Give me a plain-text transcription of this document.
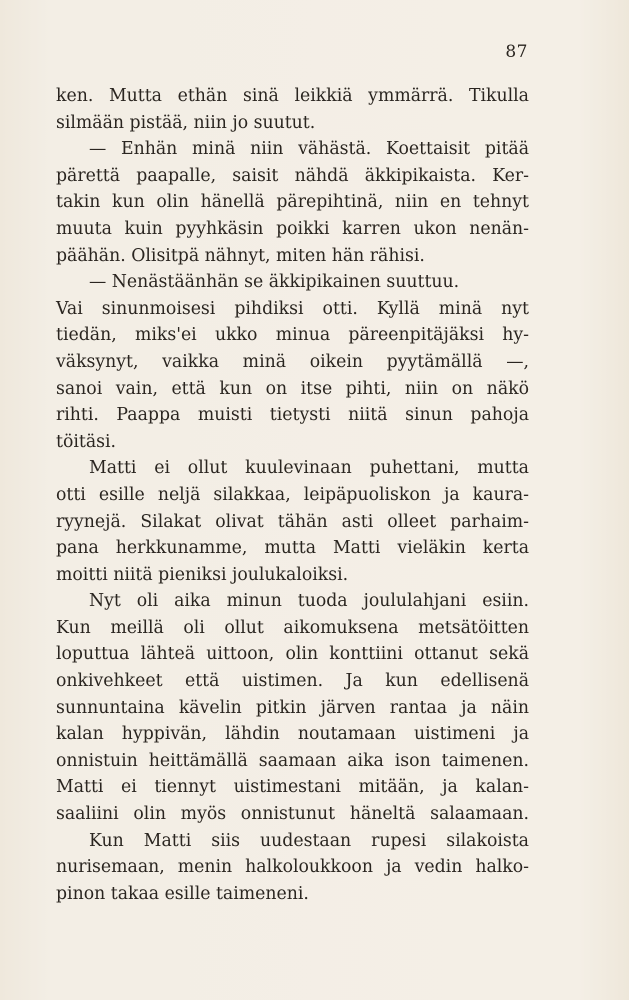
87
ken. Mutta ethän sinä leikkiä ymmärrä. Tikulla
silmään pistää, niin jo suutut.
— Enhän minä niin vähästä. Koettaisit pitää
pärettä paapalle, saisit nähdä äkkipikaista. Ker-
takin kun olin hänellä pärepihtinä, niin en tehnyt
muuta kuin pyyhkäsin poikki karren ukon nenän-
päähän. Olisitpä nähnyt, miten hän rähisi.
— Nenästäänhän se äkkipikainen suuttuu.
Vai sinunmoisesi pihdiksi otti. Kyllä minä nyt
tiedän, miks'ei ukko minua päreenpitäjäksi hy-
väksynyt, vaikka minä oikein pyytämällä —,
sanoi vain, että kun on itse pihti, niin on näkö
rihti. Paappa muisti tietysti niitä sinun pahoja
töitäsi.
Matti ei ollut kuulevinaan puhettani, mutta
otti esille neljä silakkaa, leipäpuoliskon ja kaura-
ryynejä. Silakat olivat tähän asti olleet parhaim-
pana herkkunamme, mutta Matti vieläkin kerta
moitti niitä pieniksi joulukaloiksi.
Nyt oli aika minun tuoda joululahjani esiin.
Kun meillä oli ollut aikomuksena metsätöitten
loputtua lähteä uittoon, olin konttiini ottanut sekä
onkivehkeet että uistimen. Ja kun edellisenä
sunnuntaina kävelin pitkin järven rantaa ja näin
kalan hyppivän, lähdin noutamaan uistimeni ja
onnistuin heittämällä saamaan aika ison taimenen.
Matti ei tiennyt uistimestani mitään, ja kalan-
saaliini olin myös onnistunut häneltä salaamaan.
Kun Matti siis uudestaan rupesi silakoista
nurisemaan, menin halkoloukkoon ja vedin halko-
pinon takaa esille taimeneni.
